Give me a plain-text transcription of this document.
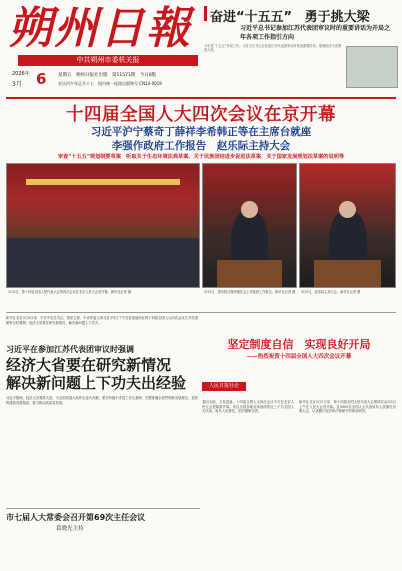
朔州日報
中共朔州市委机关报
2026年
3月 6	星期五　朔州日报社出版　第11571期　今日8版
农历丙午年正月十七　国内统一连续出版物号 CN14-0019
奋进“十五五” 勇于挑大梁
习近平总书记参加江苏代表团审议时的重要讲话为开局之年各项工作指引方向
今年是“十五五”开局之年。习近平总书记在参加江苏代表团审议时发表重要讲话，强调经济大省要挑大梁。
十四届全国人大四次会议在京开幕
习近平沪宁蔡奇丁薛祥李希韩正等在主席台就座
李强作政府工作报告　赵乐际主持大会
审查“十五五”规划纲要草案　听取关于生态环境法典草案、关于民族团结进步促进法草案、关于国家发展规划法草案的说明等
3月5日，第十四届全国人民代表大会第四次会议在北京人民大会堂开幕。新华社记者 摄	3月5日，国务院总理李强在会上作政府工作报告。新华社记者 摄 3月5日，赵乐际主持大会。新华社记者 摄
新华社北京3月5日电　中共中央总书记、国家主席、中央军委主席习近平5日下午在参加他所在的十四届全国人大四次会议江苏代表团审议时强调，经济大省要在研究新情况、解决新问题上下功夫。
习近平在参加江苏代表团审议时强调
经济大省要在研究新情况
解决新问题上下功夫出经验
习近平强调，经济大省要挑大梁，为全国发展大局作出更大贡献。要坚持稳中求进工作总基调，完整准确全面贯彻新发展理念，加快构建新发展格局，着力推动高质量发展。
坚定制度自信　实现良好开局
——热烈祝贺十四届全国人大四次会议开幕
人民日报社论
春回大地，万象更新。十四届全国人大四次会议今天在北京人民大会堂隆重开幕。来自全国各地各条战线的近三千名全国人大代表，肩负人民重托，依法履职尽责。
新华社北京3月5日电　第十四届全国人民代表大会第四次会议5日上午在人民大会堂开幕。近3000名全国人大代表肩负人民重托出席大会，认真履行宪法和法律赋予的神圣职责。
市七届人大常委会召开第69次主任会议
葛晓光主持
